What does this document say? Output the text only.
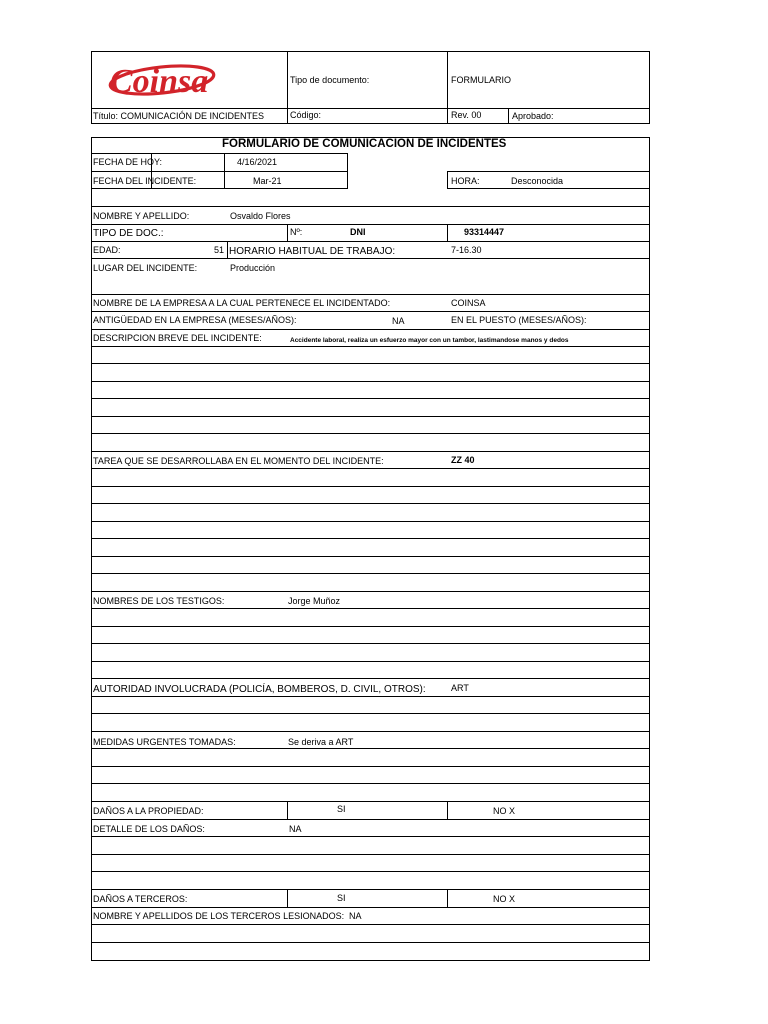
Coinsa	Tipo de documento:	FORMULARIO
Título: COMUNICACIÓN DE INCIDENTES	Código:	Rev. 00	Aprobado:
FORMULARIO DE COMUNICACION DE INCIDENTES
FECHA DE HOY:	4/16/2021
FECHA DEL INCIDENTE:	Mar-21	HORA:	Desconocida
NOMBRE Y APELLIDO:	Osvaldo Flores
TIPO DE DOC.:	Nº:	DNI	93314447
EDAD:	51 HORARIO HABITUAL DE TRABAJO:	7-16.30
LUGAR DEL INCIDENTE:	Producción
NOMBRE DE LA EMPRESA A LA CUAL PERTENECE EL INCIDENTADO:	COINSA
ANTIGÜEDAD EN LA EMPRESA (MESES/AÑOS):	NA	EN EL PUESTO (MESES/AÑOS):
DESCRIPCION BREVE DEL INCIDENTE:	Accidente laboral, realiza un esfuerzo mayor con un tambor, lastimandose manos y dedos
TAREA QUE SE DESARROLLABA EN EL MOMENTO DEL INCIDENTE:	ZZ 40
NOMBRES DE LOS TESTIGOS:	Jorge Muñoz
AUTORIDAD INVOLUCRADA (POLICÍA, BOMBEROS, D. CIVIL, OTROS):	ART
MEDIDAS URGENTES TOMADAS:	Se deriva a ART
DAÑOS A LA PROPIEDAD:	SI	NO X
DETALLE DE LOS DAÑOS:	NA
DAÑOS A TERCEROS:	SI	NO X
NOMBRE Y APELLIDOS DE LOS TERCEROS LESIONADOS: NA
